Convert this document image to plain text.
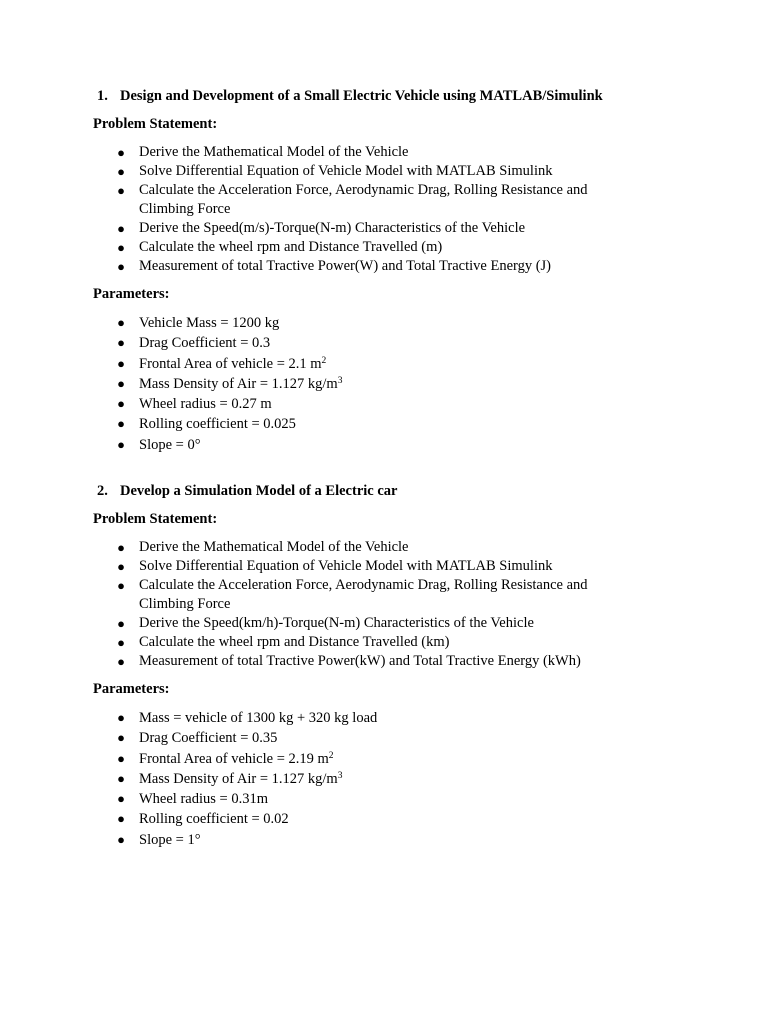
1. Design and Development of a Small Electric Vehicle using MATLAB/Simulink
Problem Statement:
● Derive the Mathematical Model of the Vehicle
● Solve Differential Equation of Vehicle Model with MATLAB Simulink
● Calculate the Acceleration Force, Aerodynamic Drag, Rolling Resistance and
Climbing Force
● Derive the Speed(m/s)-Torque(N-m) Characteristics of the Vehicle
● Calculate the wheel rpm and Distance Travelled (m)
● Measurement of total Tractive Power(W) and Total Tractive Energy (J)
Parameters:
● Vehicle Mass = 1200 kg
● Drag Coefficient = 0.3
● Frontal Area of vehicle = 2.1 $m^2$
● Mass Density of Air = 1.127 $kg/m^3$
● Wheel radius = 0.27 m
● Rolling coefficient = 0.025
● Slope = 0°
2. Develop a Simulation Model of a Electric car
Problem Statement:
● Derive the Mathematical Model of the Vehicle
● Solve Differential Equation of Vehicle Model with MATLAB Simulink
● Calculate the Acceleration Force, Aerodynamic Drag, Rolling Resistance and
Climbing Force
● Derive the Speed(km/h)-Torque(N-m) Characteristics of the Vehicle
● Calculate the wheel rpm and Distance Travelled (km)
● Measurement of total Tractive Power(kW) and Total Tractive Energy (kWh)
Parameters:
● Mass = vehicle of 1300 kg + 320 kg load
● Drag Coefficient = 0.35
● Frontal Area of vehicle = 2.19 $m^2$
● Mass Density of Air = 1.127 $kg/m^3$
● Wheel radius = 0.31m
● Rolling coefficient = 0.02
● Slope = 1°
